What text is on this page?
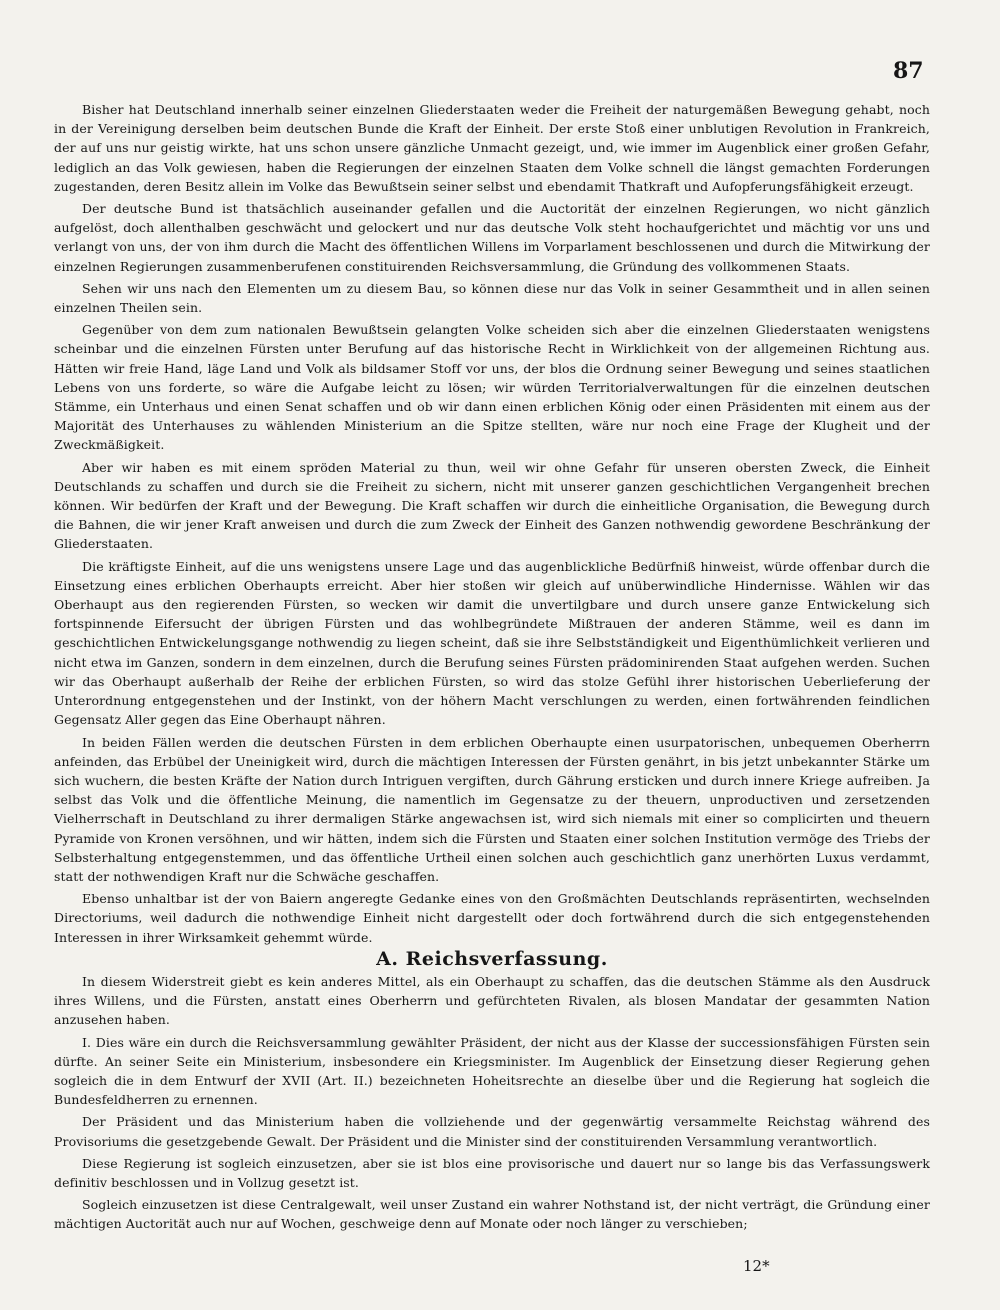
87

Bisher hat Deutschland innerhalb seiner einzelnen Gliederstaaten weder die Freiheit der naturgemäßen Bewegung gehabt, noch in der Vereinigung derselben beim deutschen Bunde die Kraft der Einheit. Der erste Stoß einer unblutigen Revolution in Frankreich, der auf uns nur geistig wirkte, hat uns schon unsere gänzliche Unmacht gezeigt, und, wie immer im Augenblick einer großen Gefahr, lediglich an das Volk gewiesen, haben die Regierungen der einzelnen Staaten dem Volke schnell die längst gemachten Forderungen zugestanden, deren Besitz allein im Volke das Bewußtsein seiner selbst und ebendamit Thatkraft und Aufopferungsfähigkeit erzeugt.

Der deutsche Bund ist thatsächlich auseinander gefallen und die Auctorität der einzelnen Regierungen, wo nicht gänzlich aufgelöst, doch allenthalben geschwächt und gelockert und nur das deutsche Volk steht hochaufgerichtet und mächtig vor uns und verlangt von uns, der von ihm durch die Macht des öffentlichen Willens im Vorparlament beschlossenen und durch die Mitwirkung der einzelnen Regierungen zusammenberufenen constituirenden Reichsversammlung, die Gründung des vollkommenen Staats.

Sehen wir uns nach den Elementen um zu diesem Bau, so können diese nur das Volk in seiner Gesammtheit und in allen seinen einzelnen Theilen sein.

Gegenüber von dem zum nationalen Bewußtsein gelangten Volke scheiden sich aber die einzelnen Gliederstaaten wenigstens scheinbar und die einzelnen Fürsten unter Berufung auf das historische Recht in Wirklichkeit von der allgemeinen Richtung aus. Hätten wir freie Hand, läge Land und Volk als bildsamer Stoff vor uns, der blos die Ordnung seiner Bewegung und seines staatlichen Lebens von uns forderte, so wäre die Aufgabe leicht zu lösen; wir würden Territorialverwaltungen für die einzelnen deutschen Stämme, ein Unterhaus und einen Senat schaffen und ob wir dann einen erblichen König oder einen Präsidenten mit einem aus der Majorität des Unterhauses zu wählenden Ministerium an die Spitze stellten, wäre nur noch eine Frage der Klugheit und der Zweckmäßigkeit.

Aber wir haben es mit einem spröden Material zu thun, weil wir ohne Gefahr für unseren obersten Zweck, die Einheit Deutschlands zu schaffen und durch sie die Freiheit zu sichern, nicht mit unserer ganzen geschichtlichen Vergangenheit brechen können. Wir bedürfen der Kraft und der Bewegung. Die Kraft schaffen wir durch die einheitliche Organisation, die Bewegung durch die Bahnen, die wir jener Kraft anweisen und durch die zum Zweck der Einheit des Ganzen nothwendig gewordene Beschränkung der Gliederstaaten.

Die kräftigste Einheit, auf die uns wenigstens unsere Lage und das augenblickliche Bedürfniß hinweist, würde offenbar durch die Einsetzung eines erblichen Oberhaupts erreicht. Aber hier stoßen wir gleich auf unüberwindliche Hindernisse. Wählen wir das Oberhaupt aus den regierenden Fürsten, so wecken wir damit die unvertilgbare und durch unsere ganze Entwickelung sich fortspinnende Eifersucht der übrigen Fürsten und das wohlbegründete Mißtrauen der anderen Stämme, weil es dann im geschichtlichen Entwickelungsgange nothwendig zu liegen scheint, daß sie ihre Selbstständigkeit und Eigenthümlichkeit verlieren und nicht etwa im Ganzen, sondern in dem einzelnen, durch die Berufung seines Fürsten prädominirenden Staat aufgehen werden. Suchen wir das Oberhaupt außerhalb der Reihe der erblichen Fürsten, so wird das stolze Gefühl ihrer historischen Ueberlieferung der Unterordnung entgegenstehen und der Instinkt, von der höhern Macht verschlungen zu werden, einen fortwährenden feindlichen Gegensatz Aller gegen das Eine Oberhaupt nähren.

In beiden Fällen werden die deutschen Fürsten in dem erblichen Oberhaupte einen usurpatorischen, unbequemen Oberherrn anfeinden, das Erbübel der Uneinigkeit wird, durch die mächtigen Interessen der Fürsten genährt, in bis jetzt unbekannter Stärke um sich wuchern, die besten Kräfte der Nation durch Intriguen vergiften, durch Gährung ersticken und durch innere Kriege aufreiben. Ja selbst das Volk und die öffentliche Meinung, die namentlich im Gegensatze zu der theuern, unproductiven und zersetzenden Vielherrschaft in Deutschland zu ihrer dermaligen Stärke angewachsen ist, wird sich niemals mit einer so complicirten und theuern Pyramide von Kronen versöhnen, und wir hätten, indem sich die Fürsten und Staaten einer solchen Institution vermöge des Triebs der Selbsterhaltung entgegenstemmen, und das öffentliche Urtheil einen solchen auch geschichtlich ganz unerhörten Luxus verdammt, statt der nothwendigen Kraft nur die Schwäche geschaffen.

Ebenso unhaltbar ist der von Baiern angeregte Gedanke eines von den Großmächten Deutschlands repräsentirten, wechselnden Directoriums, weil dadurch die nothwendige Einheit nicht dargestellt oder doch fortwährend durch die sich entgegenstehenden Interessen in ihrer Wirksamkeit gehemmt würde.

A. Reichsverfassung.

In diesem Widerstreit giebt es kein anderes Mittel, als ein Oberhaupt zu schaffen, das die deutschen Stämme als den Ausdruck ihres Willens, und die Fürsten, anstatt eines Oberherrn und gefürchteten Rivalen, als blosen Mandatar der gesammten Nation anzusehen haben.

I. Dies wäre ein durch die Reichsversammlung gewählter Präsident, der nicht aus der Klasse der successionsfähigen Fürsten sein dürfte. An seiner Seite ein Ministerium, insbesondere ein Kriegsminister. Im Augenblick der Einsetzung dieser Regierung gehen sogleich die in dem Entwurf der XVII (Art. II.) bezeichneten Hoheitsrechte an dieselbe über und die Regierung hat sogleich die Bundesfeldherren zu ernennen.

Der Präsident und das Ministerium haben die vollziehende und der gegenwärtig versammelte Reichstag während des Provisoriums die gesetzgebende Gewalt. Der Präsident und die Minister sind der constituirenden Versammlung verantwortlich.

Diese Regierung ist sogleich einzusetzen, aber sie ist blos eine provisorische und dauert nur so lange bis das Verfassungswerk definitiv beschlossen und in Vollzug gesetzt ist.

Sogleich einzusetzen ist diese Centralgewalt, weil unser Zustand ein wahrer Nothstand ist, der nicht verträgt, die Gründung einer mächtigen Auctorität auch nur auf Wochen, geschweige denn auf Monate oder noch länger zu verschieben;

12*
